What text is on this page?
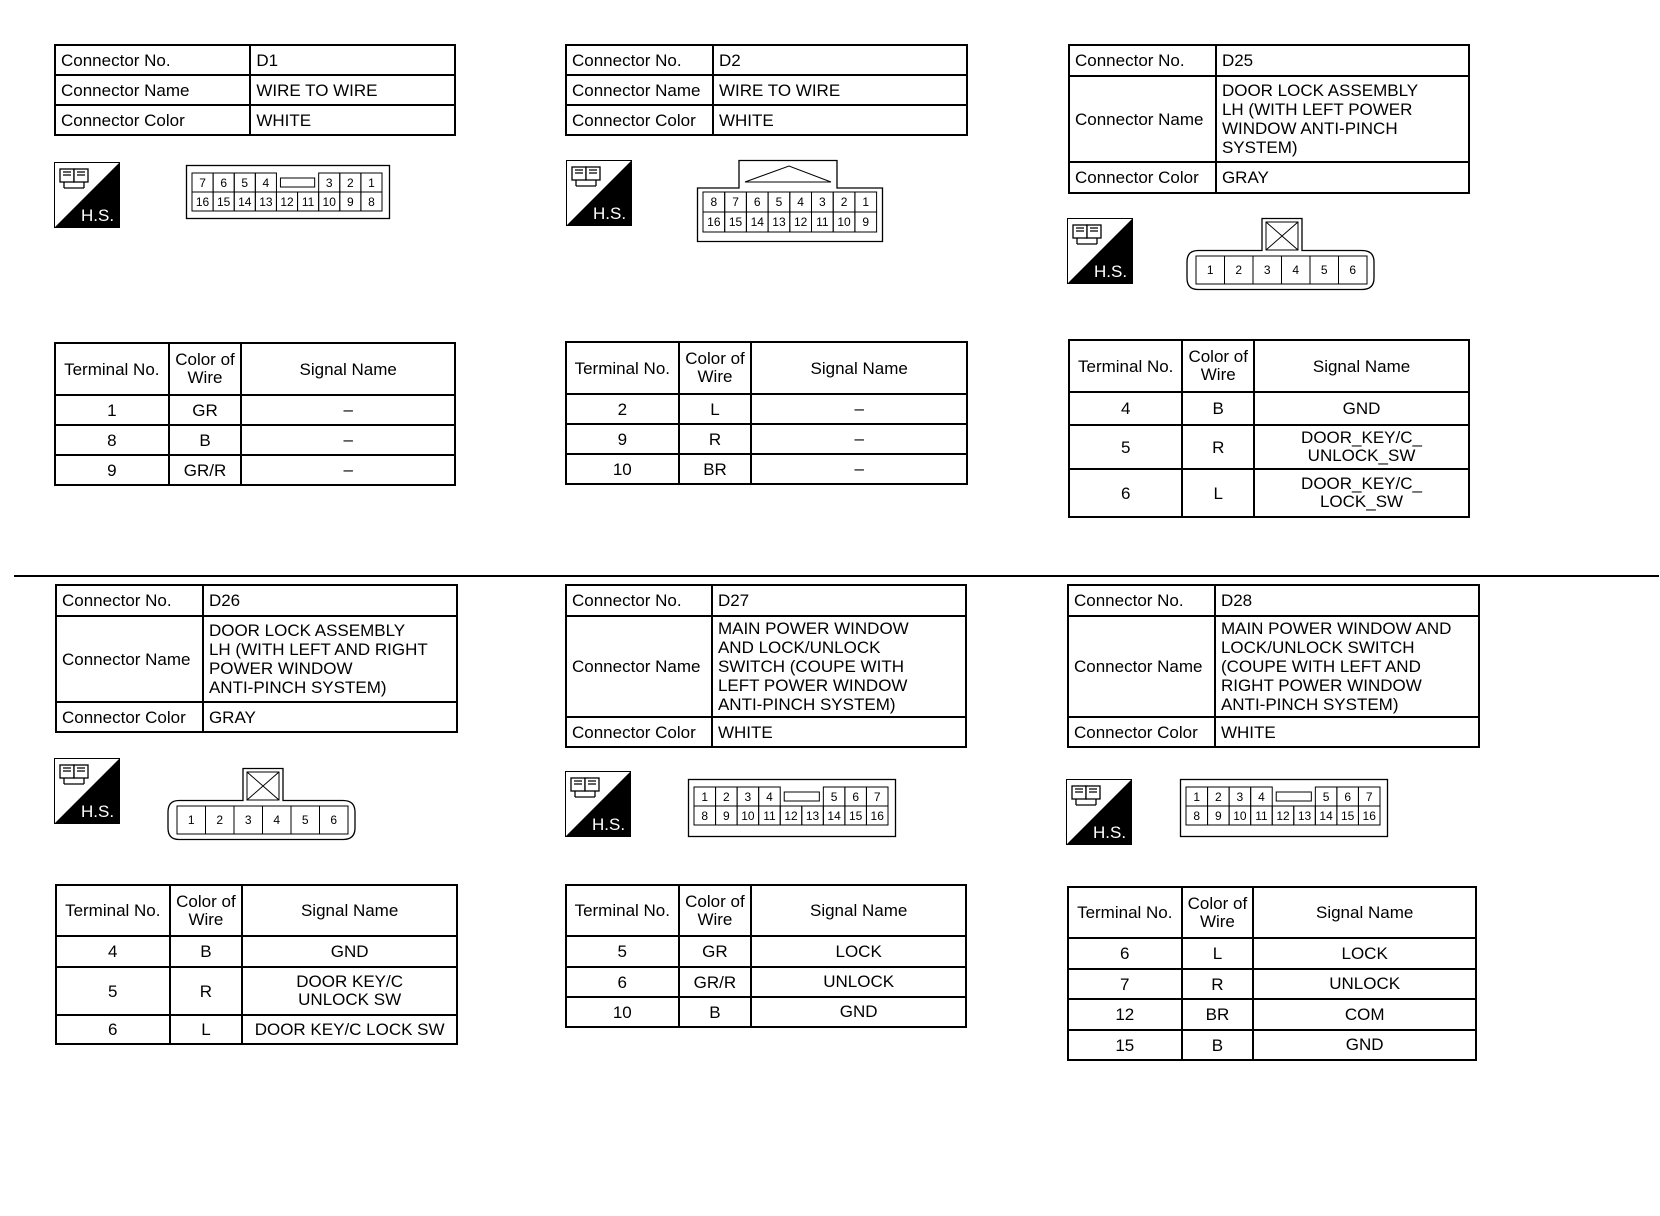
Connector No.	D1
Connector Name	WIRE TO WIRE
Connector Color	WHITE
H.S.
16 15 14 13 12 11 10 9 8
7 6 5 4	3 2 1
Terminal No.	Color of Wire	Signal Name
1	GR	–
8	B	–
9	GR/R	–
Connector No.	D2
Connector Name	WIRE TO WIRE
Connector Color	WHITE
H.S.
8 7 6 5 4 3 2 1
16 15 14 13 12 11 10 9
Terminal No.	Color of Wire	Signal Name
2	L	–
9	R	–
10	BR	–
Connector No.	D25
Connector Name	DOOR LOCK ASSEMBLY
LH (WITH LEFT POWER
WINDOW ANTI-PINCH
SYSTEM)
Connector Color	GRAY
H.S.	1 2 3 4 5 6
Terminal No.	Color of Wire	Signal Name
4	B	GND
5	R	DOOR_KEY/C_
UNLOCK_SW
6	L	DOOR_KEY/C_
LOCK_SW
Connector No.	D26
Connector Name	DOOR LOCK ASSEMBLY
LH (WITH LEFT AND RIGHT
POWER WINDOW
ANTI-PINCH SYSTEM)
Connector Color	GRAY
H.S.	1 2 3 4 5 6
Terminal No.	Color of Wire	Signal Name
4	B	GND
5	R	DOOR KEY/C
UNLOCK SW
6	L	DOOR KEY/C LOCK SW
Connector No.	D27
Connector Name	MAIN POWER WINDOW
AND LOCK/UNLOCK
SWITCH (COUPE WITH
LEFT POWER WINDOW
ANTI-PINCH SYSTEM)
Connector Color	WHITE
H.S.	8 9 10 11 12 13 14 15 16
1 2 3 4	5 6 7
Terminal No.	Color of Wire	Signal Name
5	GR	LOCK
6	GR/R	UNLOCK
10	B	GND
Connector No.	D28
Connector Name	MAIN POWER WINDOW AND
LOCK/UNLOCK SWITCH
(COUPE WITH LEFT AND
RIGHT POWER WINDOW
ANTI-PINCH SYSTEM)
Connector Color	WHITE
H.S.
8 9 10 11 12 13 14 15 16
1 2 3 4	5 6 7
Terminal No.	Color of Wire	Signal Name
6	L	LOCK
7	R	UNLOCK
12	BR	COM
15	B	GND
